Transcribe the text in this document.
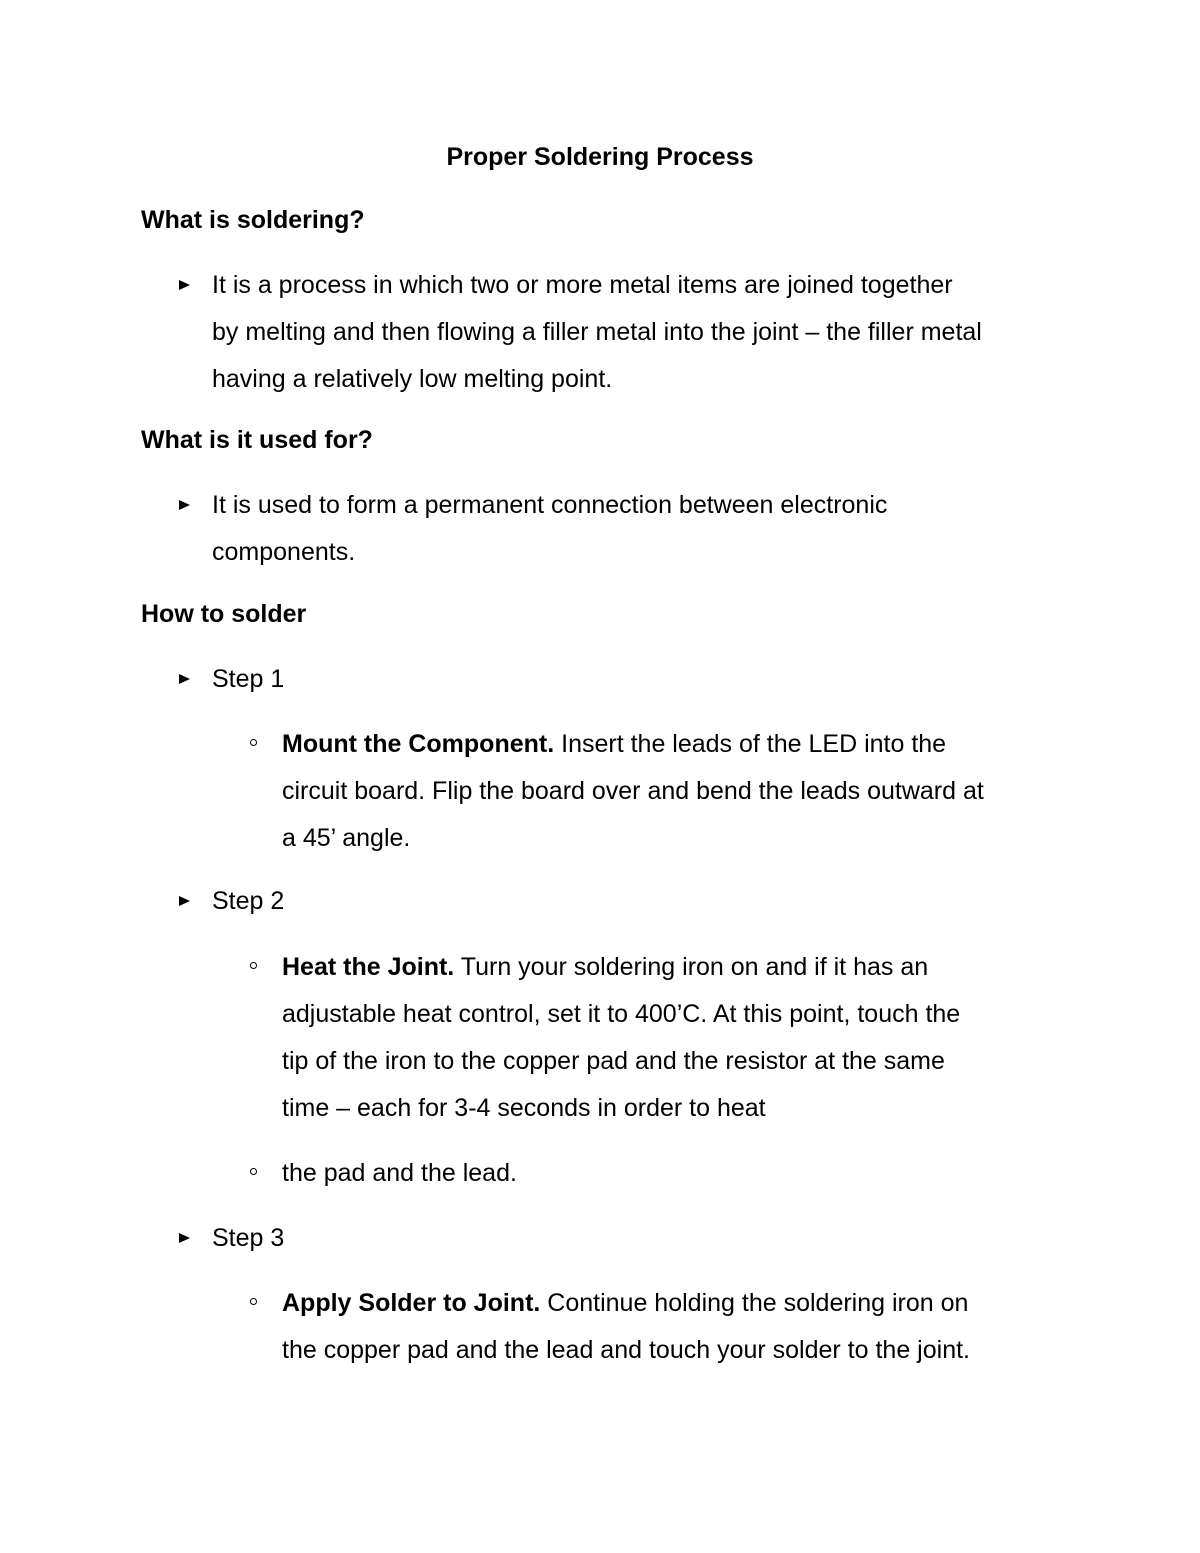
Proper Soldering Process
What is soldering?
It is a process in which two or more metal items are joined together
by melting and then flowing a filler metal into the joint – the filler metal
having a relatively low melting point.
What is it used for?
It is used to form a permanent connection between electronic
components.
How to solder
Step 1
Mount the Component. Insert the leads of the LED into the
circuit board. Flip the board over and bend the leads outward at
a 45’ angle.
Step 2
Heat the Joint. Turn your soldering iron on and if it has an
adjustable heat control, set it to 400’C. At this point, touch the
tip of the iron to the copper pad and the resistor at the same
time – each for 3-4 seconds in order to heat
the pad and the lead.
Step 3
Apply Solder to Joint. Continue holding the soldering iron on
the copper pad and the lead and touch your solder to the joint.
